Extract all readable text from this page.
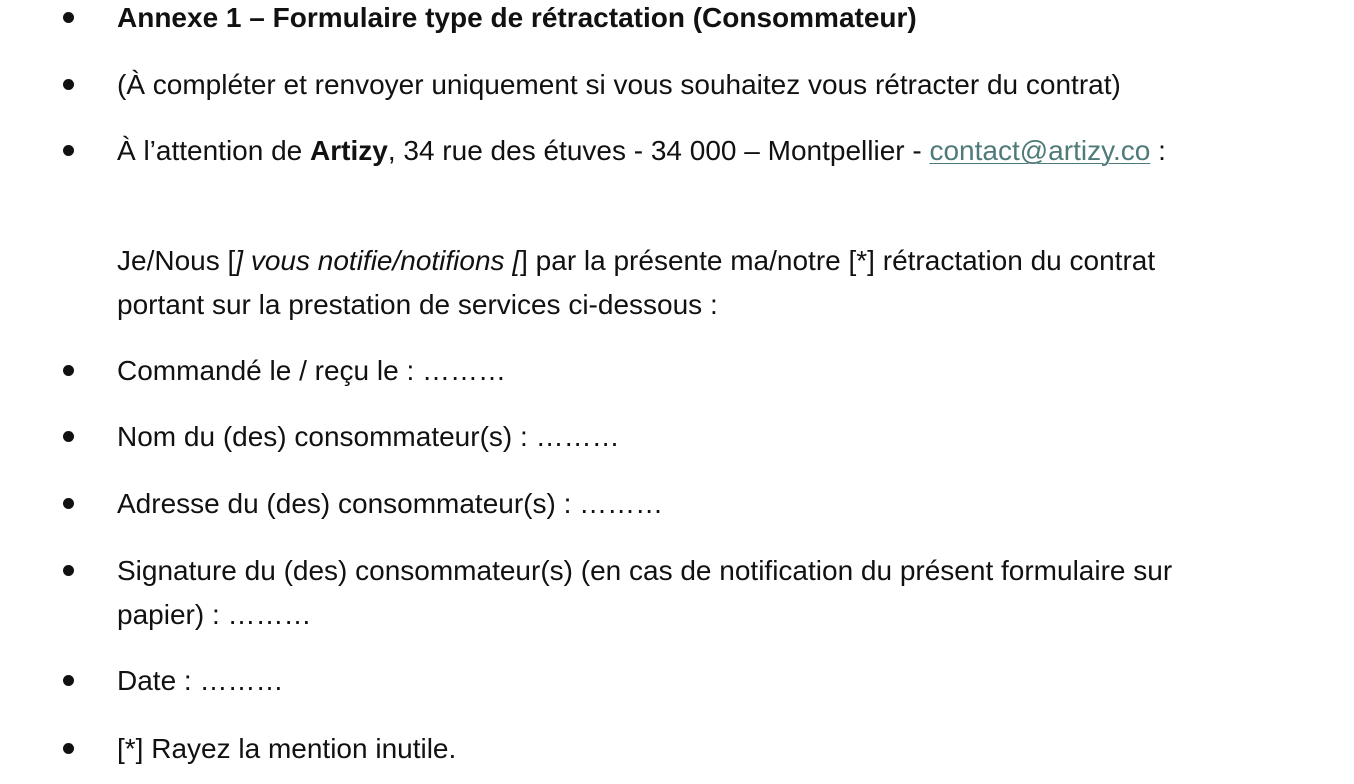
Annexe 1 – Formulaire type de rétractation (Consommateur)
(À compléter et renvoyer uniquement si vous souhaitez vous rétracter du contrat)
À l’attention de Artizy, 34 rue des étuves - 34 000 – Montpellier - contact@artizy.co :
Je/Nous [] vous notifie/notifions [] par la présente ma/notre [*] rétractation du contrat
portant sur la prestation de services ci-dessous :
Commandé le / reçu le : ………
Nom du (des) consommateur(s) : ………
Adresse du (des) consommateur(s) : ………
Signature du (des) consommateur(s) (en cas de notification du présent formulaire sur
papier) : ………
Date : ………
[*] Rayez la mention inutile.
